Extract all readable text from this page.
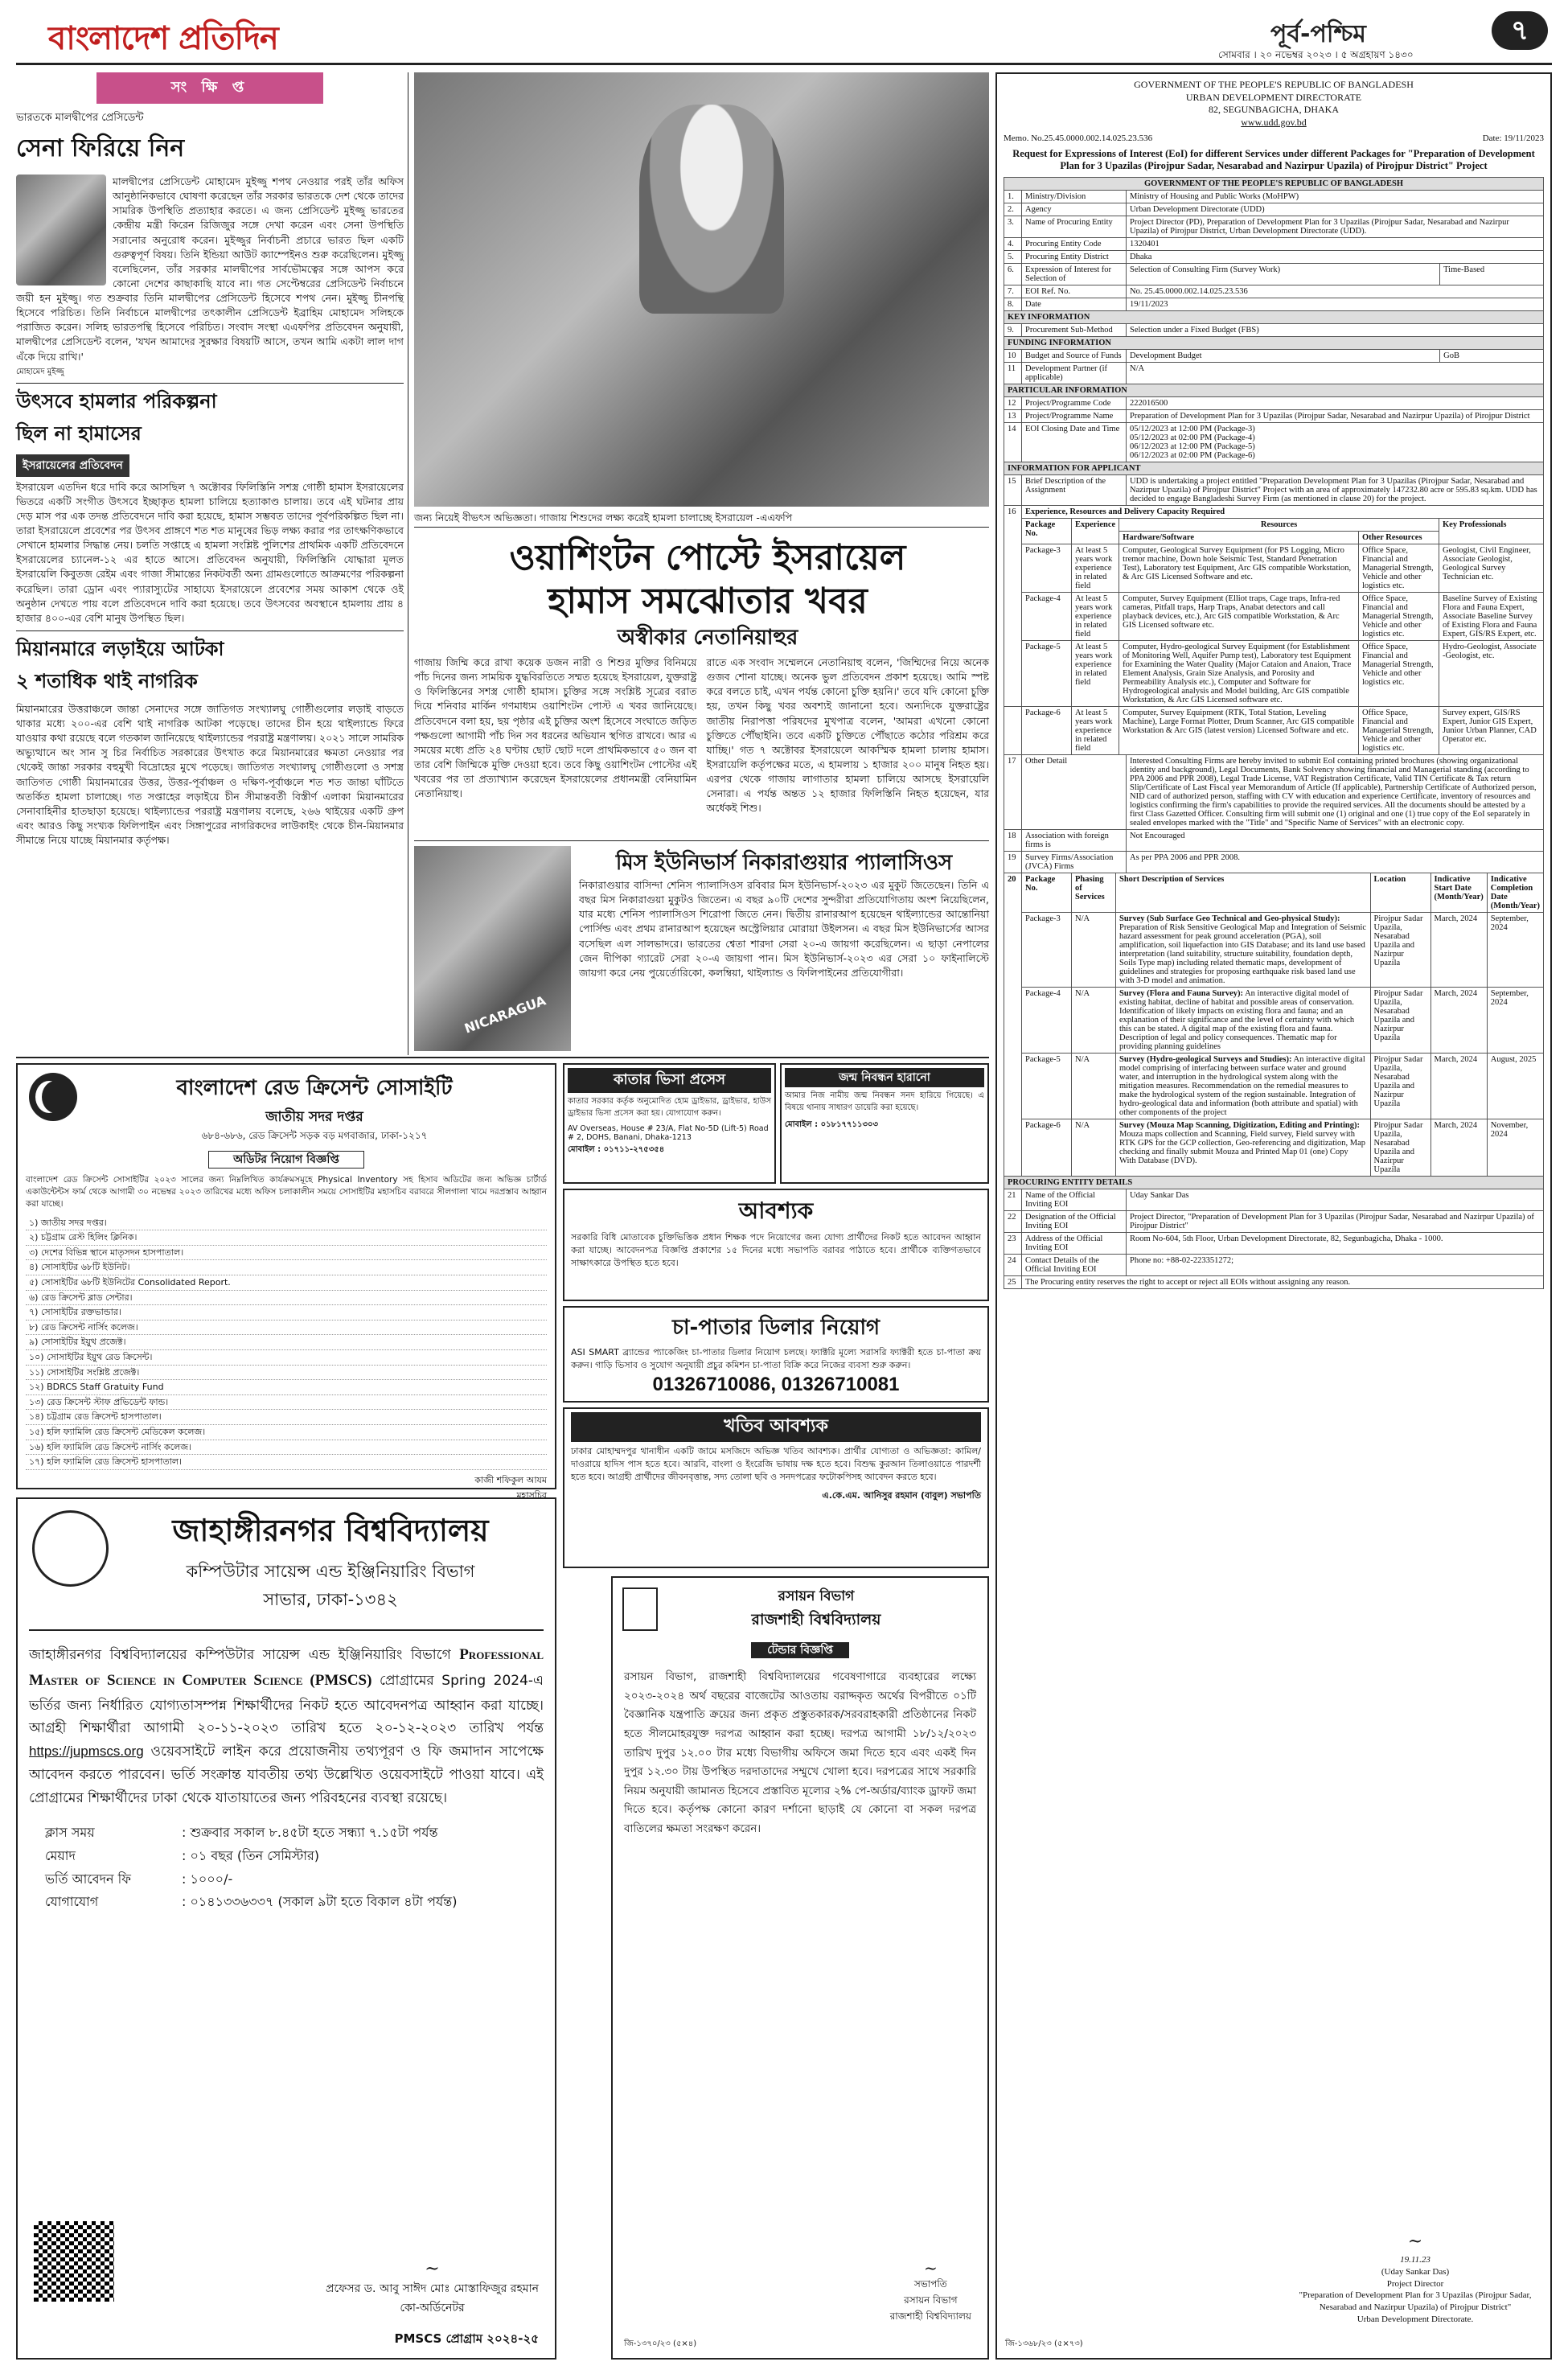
বাংলাদেশ প্রতিদিন	পূর্ব-পশ্চিম	৭
সোমবার । ২০ নভেম্বর ২০২৩ । ৫ অগ্রহায়ণ ১৪৩০
সং ক্ষি প্ত
ভারতকে মালদ্বীপের প্রেসিডেন্ট
সেনা ফিরিয়ে নিন

মালদ্বীপের প্রেসিডেন্ট মোহামেদ মুইজ্জু শপথ নেওয়ার পরই তাঁর অফিস আনুষ্ঠানিকভাবে ঘোষণা করেছেন তাঁর সরকার ভারতকে দেশ থেকে তাদের সামরিক উপস্থিতি প্রত্যাহার করতে। এ জন্য প্রেসিডেন্ট মুইজ্জু ভারতের কেন্দ্রীয় মন্ত্রী কিরেন রিজিজুর সঙ্গে দেখা করেন এবং সেনা উপস্থিতি সরানোর অনুরোধ করেন। মুইজ্জুর নির্বাচনী প্রচারে ভারত ছিল একটি গুরুত্বপূর্ণ বিষয়। তিনি ইন্ডিয়া আউট ক্যাম্পেইনও শুরু করেছিলেন। মুইজ্জু বলেছিলেন, তাঁর সরকার মালদ্বীপের সার্বভৌমত্বের সঙ্গে আপস করে কোনো দেশের কাছাকাছি যাবে না। গত সেপ্টেম্বরের প্রেসিডেন্ট নির্বাচনে জয়ী হন মুইজ্জু। গত শুক্রবার তিনি মালদ্বীপের প্রেসিডেন্ট হিসেবে শপথ নেন। মুইজ্জু চীনপন্থি হিসেবে পরিচিত। তিনি নির্বাচনে মালদ্বীপের তৎকালীন প্রেসিডেন্ট ইব্রাহিম মোহামেদ সলিহকে পরাজিত করেন। সলিহ ভারতপন্থি হিসেবে পরিচিত। সংবাদ সংস্থা এএফপির প্রতিবেদন অনুযায়ী, মালদ্বীপের প্রেসিডেন্ট বলেন, 'যখন আমাদের সুরক্ষার বিষয়টি আসে, তখন আমি একটা লাল দাগ এঁকে দিয়ে রাখি।'

মোহামেদ মুইজ্জু
উৎসবে হামলার পরিকল্পনা
ছিল না হামাসের
ইসরায়েলের প্রতিবেদন

ইসরায়েল এতদিন ধরে দাবি করে আসছিল ৭ অক্টোবর ফিলিস্তিনি সশস্ত্র গোষ্ঠী হামাস ইসরায়েলের ভিতরে একটি সংগীত উৎসবে ইচ্ছাকৃত হামলা চালিয়ে হত্যাকাণ্ড চালায়। তবে এই ঘটনার প্রায় দেড় মাস পর এক তদন্ত প্রতিবেদনে দাবি করা হয়েছে, হামাস সম্ভবত তাদের পূর্বপরিকল্পিত ছিল না। তারা ইসরায়েলে প্রবেশের পর উৎসব প্রাঙ্গণে শত শত মানুষের ভিড় লক্ষ্য করার পর তাৎক্ষণিকভাবে সেখানে হামলার সিদ্ধান্ত নেয়। চলতি সপ্তাহে এ হামলা সংশ্লিষ্ট পুলিশের প্রাথমিক একটি প্রতিবেদনে ইসরায়েলের চ্যানেল-১২ এর হাতে আসে। প্রতিবেদন অনুযায়ী, ফিলিস্তিনি যোদ্ধারা মূলত ইসরায়েলি কিবুতজ রেইম এবং গাজা সীমান্তের নিকটবর্তী অন্য গ্রামগুলোতে আক্রমণের পরিকল্পনা করেছিল। তারা ড্রোন এবং প্যারাস্যুটের সাহায্যে ইসরায়েলে প্রবেশের সময় আকাশ থেকে ওই অনুষ্ঠান দেখতে পায় বলে প্রতিবেদনে দাবি করা হয়েছে। তবে উৎসবের অবস্থানে হামলায় প্রায় ৪ হাজার ৪০০-এর বেশি মানুষ উপস্থিত ছিল।

মিয়ানমারে লড়াইয়ে আটকা
২ শতাধিক থাই নাগরিক

মিয়ানমারের উত্তরাঞ্চলে জান্তা সেনাদের সঙ্গে জাতিগত সংখ্যালঘু গোষ্ঠীগুলোর লড়াই বাড়তে থাকার মধ্যে ২০০-এর বেশি থাই নাগরিক আটকা পড়েছে। তাদের চীন হয়ে থাইল্যান্ডে ফিরে যাওয়ার কথা রয়েছে বলে গতকাল জানিয়েছে থাইল্যান্ডের পররাষ্ট্র মন্ত্রণালয়। ২০২১ সালে সামরিক অভ্যুত্থানে অং সান সু চির নির্বাচিত সরকারের উৎখাত করে মিয়ানমারের ক্ষমতা নেওয়ার পর থেকেই জান্তা সরকার বহুমুখী বিদ্রোহের মুখে পড়েছে। জাতিগত সংখ্যালঘু গোষ্ঠীগুলো ও সশস্ত্র জাতিগত গোষ্ঠী মিয়ানমারের উত্তর, উত্তর-পূর্বাঞ্চল ও দক্ষিণ-পূর্বাঞ্চলে শত শত জান্তা ঘাঁটিতে অতর্কিত হামলা চালাচ্ছে। গত সপ্তাহের লড়াইয়ে চীন সীমান্তবর্তী বিস্তীর্ণ এলাকা মিয়ানমারের সেনাবাহিনীর হাতছাড়া হয়েছে। থাইল্যান্ডের পররাষ্ট্র মন্ত্রণালয় বলেছে, ২৬৬ থাইয়ের একটি গ্রুপ এবং আরও কিছু সংখ্যক ফিলিপাইন এবং সিঙ্গাপুরের নাগরিকদের লাউকাইং থেকে চীন-মিয়ানমার সীমান্তে নিয়ে যাচ্ছে মিয়ানমার কর্তৃপক্ষ।

জন্য নিয়েই বীভৎস অভিজ্ঞতা। গাজায় শিশুদের লক্ষ্য করেই হামলা চালাচ্ছে ইসরায়েল -এএফপি
ওয়াশিংটন পোস্টে ইসরায়েল
হামাস সমঝোতার খবর
অস্বীকার নেতানিয়াহুর

গাজায় জিম্মি করে রাখা কয়েক ডজন নারী ও শিশুর মুক্তির বিনিময়ে পাঁচ দিনের জন্য সাময়িক যুদ্ধবিরতিতে সম্মত হয়েছে ইসরায়েল, যুক্তরাষ্ট্র ও ফিলিস্তিনের সশস্ত্র গোষ্ঠী হামাস। চুক্তির সঙ্গে সংশ্লিষ্ট সূত্রের বরাত দিয়ে শনিবার মার্কিন গণমাধ্যম ওয়াশিংটন পোস্ট এ খবর জানিয়েছে। প্রতিবেদনে বলা হয়, ছয় পৃষ্ঠার এই চুক্তির অংশ হিসেবে সংঘাতে জড়িত পক্ষগুলো আগামী পাঁচ দিন সব ধরনের অভিযান স্থগিত রাখবে। আর এ সময়ের মধ্যে প্রতি ২৪ ঘণ্টায় ছোট ছোট দলে প্রাথমিকভাবে ৫০ জন বা তার বেশি জিম্মিকে মুক্তি দেওয়া হবে। তবে কিছু ওয়াশিংটন পোস্টের এই খবরের পর তা প্রত্যাখ্যান করেছেন ইসরায়েলের প্রধানমন্ত্রী বেনিয়ামিন নেতানিয়াহু।

রাতে এক সংবাদ সম্মেলনে নেতানিয়াহু বলেন, 'জিম্মিদের নিয়ে অনেক গুজব শোনা যাচ্ছে। অনেক ভুল প্রতিবেদন প্রকাশ হয়েছে। আমি স্পষ্ট করে বলতে চাই, এখন পর্যন্ত কোনো চুক্তি হয়নি।' তবে যদি কোনো চুক্তি হয়, তখন কিছু খবর অবশ্যই জানানো হবে। অন্যদিকে যুক্তরাষ্ট্রের জাতীয় নিরাপত্তা পরিষদের মুখপাত্র বলেন, 'আমরা এখনো কোনো চুক্তিতে পৌঁছাইনি। তবে একটি চুক্তিতে পৌঁছাতে কঠোর পরিশ্রম করে যাচ্ছি।' গত ৭ অক্টোবর ইসরায়েলে আকস্মিক হামলা চালায় হামাস। ইসরায়েলি কর্তৃপক্ষের মতে, এ হামলায় ১ হাজার ২০০ মানুষ নিহত হয়। এরপর থেকে গাজায় লাগাতার হামলা চালিয়ে আসছে ইসরায়েলি সেনারা। এ পর্যন্ত অন্তত ১২ হাজার ফিলিস্তিনি নিহত হয়েছেন, যার অর্ধেকই শিশু।

NICARAGUA
মিস ইউনিভার্স নিকারাগুয়ার প্যালাসিওস

নিকারাগুয়ার বাসিন্দা শেনিস প্যালাসিওস রবিবার মিস ইউনিভার্স-২০২৩ এর মুকুট জিতেছেন। তিনি এ বছর মিস নিকারাগুয়া মুকুটও জিতেন। এ বছর ৯০টি দেশের সুন্দরীরা প্রতিযোগিতায় অংশ নিয়েছিলেন, যার মধ্যে শেনিস প্যালাসিওস শিরোপা জিতে নেন। দ্বিতীয় রানারআপ হয়েছেন থাইল্যান্ডের আন্তোনিয়া পোর্সিল্ড এবং প্রথম রানারআপ হয়েছেন অস্ট্রেলিয়ার মোরায়া উইলসন। এ বছর মিস ইউনিভার্সের আসর বসেছিল এল সালভাদরে। ভারতের শ্বেতা শারদা সেরা ২০-এ জায়গা করেছিলেন। এ ছাড়া নেপালের জেন দীপিকা গ্যারেট সেরা ২০-এ জায়গা পান। মিস ইউনিভার্স-২০২৩ এর সেরা ১০ ফাইনালিস্টে জায়গা করে নেয় পুয়ের্তোরিকো, কলম্বিয়া, থাইল্যান্ড ও ফিলিপাইনের প্রতিযোগীরা।

বাংলাদেশ রেড ক্রিসেন্ট সোসাইটি
জাতীয় সদর দপ্তর
৬৮৪-৬৮৬, রেড ক্রিসেন্ট সড়ক বড় মগবাজার, ঢাকা-১২১৭
অডিটর নিয়োগ বিজ্ঞপ্তি

বাংলাদেশ রেড ক্রিসেন্ট সোসাইটির ২০২৩ সালের জন্য নিম্নলিখিত কার্যক্রমসমূহে Physical Inventory সহ হিসাব অডিটের জন্য অভিজ্ঞ চার্টার্ড একাউন্টেন্টস ফার্ম থেকে আগামী ৩০ নভেম্বর ২০২৩ তারিখের মধ্যে অফিস চলাকালীন সময়ে সোসাইটির মহাসচিব বরাবরে সীলগালা খামে দরপ্রস্তাব আহ্বান করা যাচ্ছে।

১) জাতীয় সদর দপ্তর।
২) চট্টগ্রাম রেস্ট হিলিং ক্লিনিক।
৩) দেশের বিভিন্ন স্থানে মাতৃসদন হাসপাতাল।
৪) সোসাইটির ৬৮টি ইউনিট।
৫) সোসাইটির ৬৮টি ইউনিটের Consolidated Report.
৬) রেড ক্রিসেন্ট ব্লাড সেন্টার।
৭) সোসাইটির রক্তভান্ডার।
৮) রেড ক্রিসেন্ট নার্সিং কলেজ।
৯) সোসাইটির ইয়ুথ প্রজেক্ট।
১০) সোসাইটির ইয়ুথ রেড ক্রিসেন্ট।
১১) সোসাইটির সংশ্লিষ্ট প্রজেক্ট।
১২) BDRCS Staff Gratuity Fund
১৩) রেড ক্রিসেন্ট স্টাফ প্রভিডেন্ট ফান্ড।
১৪) চট্টগ্রাম রেড ক্রিসেন্ট হাসপাতাল।
১৫) হলি ফ্যামিলি রেড ক্রিসেন্ট মেডিকেল কলেজ।
১৬) হলি ফ্যামিলি রেড ক্রিসেন্ট নার্সিং কলেজ।
১৭) হলি ফ্যামিলি রেড ক্রিসেন্ট হাসপাতাল।
কাজী শফিকুল আযম
মহাসচিব
কাতার ভিসা প্রসেস

কাতার সরকার কর্তৃক অনুমোদিত হোম ড্রাইভার, ড্রাইভার, হাউস ড্রাইভার ভিসা প্রসেস করা হয়। যোগাযোগ করুন।

AV Overseas, House # 23/A, Flat No-5D (Lift-5) Road # 2, DOHS, Banani, Dhaka-1213
মোবাইল : ০১৭১১-২৭৫৩৫৪
জন্ম নিবন্ধন হারানো

আমার নিজ নামীয় জন্ম নিবন্ধন সনদ হারিয়ে গিয়েছে। এ বিষয়ে থানায় সাধারণ ডায়েরি করা হয়েছে।

মোবাইল : ০১৮১৭৭১১৩০৩
আবশ্যক

সরকারি বিধি মোতাবেক চুক্তিভিত্তিক প্রধান শিক্ষক পদে নিয়োগের জন্য যোগ্য প্রার্থীদের নিকট হতে আবেদন আহ্বান করা যাচ্ছে। আবেদনপত্র বিজ্ঞপ্তি প্রকাশের ১৫ দিনের মধ্যে সভাপতি বরাবর পাঠাতে হবে। প্রার্থীকে ব্যক্তিগতভাবে সাক্ষাৎকারে উপস্থিত হতে হবে।

চা-পাতার ডিলার নিয়োগ

ASI SMART ব্র্যান্ডের প্যাকেজিং চা-পাতার ডিলার নিয়োগ চলছে। ফ্যাক্টরি মূল্যে সরাসরি ফ্যাক্টরী হতে চা-পাতা ক্রয় করুন। গাড়ি ভিসাব ও সুযোগ অনুযায়ী প্রচুর কমিশন চা-পাতা বিক্রি করে নিজের ব্যবসা শুরু করুন।

01326710086, 01326710081
খতিব আবশ্যক

ঢাকার মোহাম্মদপুর থানাধীন একটি জামে মসজিদে অভিজ্ঞ খতিব আবশ্যক। প্রার্থীর যোগ্যতা ও অভিজ্ঞতা: কামিল/দাওরায়ে হাদিস পাস হতে হবে। আরবি, বাংলা ও ইংরেজি ভাষায় দক্ষ হতে হবে। বিশুদ্ধ কুরআন তিলাওয়াতে পারদর্শী হতে হবে। আগ্রহী প্রার্থীদের জীবনবৃত্তান্ত, সদ্য তোলা ছবি ও সনদপত্রের ফটোকপিসহ আবেদন করতে হবে।

এ.কে.এম. আনিসুর রহমান (বাবুল) সভাপতি
জাহাঙ্গীরনগর বিশ্ববিদ্যালয়
কম্পিউটার সায়েন্স এন্ড ইঞ্জিনিয়ারিং বিভাগ
সাভার, ঢাকা-১৩৪২

জাহাঙ্গীরনগর বিশ্ববিদ্যালয়ের কম্পিউটার সায়েন্স এন্ড ইঞ্জিনিয়ারিং বিভাগে Professional Master of Science in Computer Science (PMSCS) প্রোগ্রামের Spring 2024-এ ভর্তির জন্য নির্ধারিত যোগ্যতাসম্পন্ন শিক্ষার্থীদের নিকট হতে আবেদনপত্র আহ্বান করা যাচ্ছে। আগ্রহী শিক্ষার্থীরা আগামী ২০-১১-২০২৩ তারিখ হতে ২০-১২-২০২৩ তারিখ পর্যন্ত https://jupmscs.org ওয়েবসাইটে লাইন করে প্রয়োজনীয় তথ্যপূরণ ও ফি জমাদান সাপেক্ষে আবেদন করতে পারবেন। ভর্তি সংক্রান্ত যাবতীয় তথ্য উল্লেখিত ওয়েবসাইটে পাওয়া যাবে। এই প্রোগ্রামের শিক্ষার্থীদের ঢাকা থেকে যাতায়াতের জন্য পরিবহনের ব্যবস্থা রয়েছে।

ক্লাস সময়	: শুক্রবার সকাল ৮.৪৫টা হতে সন্ধ্যা ৭.১৫টা পর্যন্ত
মেয়াদ	: ০১ বছর (তিন সেমিস্টার)
ভর্তি আবেদন ফি	: ১০০০/-
যোগাযোগ	: ০১৪১৩৩৬৩৩৭ (সকাল ৯টা হতে বিকাল ৪টা পর্যন্ত)
~
প্রফেসর ড. আবু সাঈদ মোঃ মোস্তাফিজুর রহমান
কো-অর্ডিনেটর
PMSCS প্রোগ্রাম ২০২৪-২৫
রসায়ন বিভাগ
রাজশাহী বিশ্ববিদ্যালয়
টেন্ডার বিজ্ঞপ্তি

রসায়ন বিভাগ, রাজশাহী বিশ্ববিদ্যালয়ের গবেষণাগারে ব্যবহারের লক্ষ্যে ২০২৩-২০২৪ অর্থ বছরের বাজেটের আওতায় বরাদ্দকৃত অর্থের বিপরীতে ০১টি বৈজ্ঞানিক যন্ত্রপাতি ক্রয়ের জন্য প্রকৃত প্রস্তুতকারক/সরবরাহকারী প্রতিষ্ঠানের নিকট হতে সীলমোহরযুক্ত দরপত্র আহ্বান করা হচ্ছে। দরপত্র আগামী ১৮/১২/২০২৩ তারিখ দুপুর ১২.০০ টার মধ্যে বিভাগীয় অফিসে জমা দিতে হবে এবং একই দিন দুপুর ১২.৩০ টায় উপস্থিত দরদাতাদের সম্মুখে খোলা হবে। দরপত্রের সাথে সরকারি নিয়ম অনুযায়ী জামানত হিসেবে প্রস্তাবিত মূল্যের ২% পে-অর্ডার/ব্যাংক ড্রাফট জমা দিতে হবে। কর্তৃপক্ষ কোনো কারণ দর্শানো ছাড়াই যে কোনো বা সকল দরপত্র বাতিলের ক্ষমতা সংরক্ষণ করেন।

~
সভাপতি
রসায়ন বিভাগ
রাজশাহী বিশ্ববিদ্যালয়
জি-১৩৭০/২৩ (৫×৪)
GOVERNMENT OF THE PEOPLE'S REPUBLIC OF BANGLADESH
URBAN DEVELOPMENT DIRECTORATE
82, SEGUNBAGICHA, DHAKA
www.udd.gov.bd
Memo. No.25.45.0000.002.14.025.23.536	Date: 19/11/2023
Request for Expressions of Interest (EoI) for different Services under different Packages for "Preparation of Development Plan for 3 Upazilas (Pirojpur Sadar, Nesarabad and Nazirpur Upazila) of Pirojpur District" Project
GOVERNMENT OF THE PEOPLE'S REPUBLIC OF BANGLADESH			
1.	Ministry/Division	Ministry of Housing and Public Works (MoHPW)	
2.	Agency	Urban Development Directorate (UDD)	
3.	Name of Procuring Entity	Project Director (PD), Preparation of Development Plan for 3 Upazilas (Pirojpur Sadar, Nesarabad and Nazirpur Upazila) of Pirojpur District, Urban Development Directorate (UDD).	
4.	Procuring Entity Code	1320401	
5.	Procuring Entity District	Dhaka	
6.	Expression of Interest for Selection of	Selection of Consulting Firm (Survey Work)	Time-Based
7.	EOI Ref. No.	No. 25.45.0000.002.14.025.23.536	
8.	Date	19/11/2023	
KEY INFORMATION			
9.	Procurement Sub-Method	Selection under a Fixed Budget (FBS)	
FUNDING INFORMATION			
10	Budget and Source of Funds	Development Budget	GoB
11	Development Partner (if applicable)	N/A	
PARTICULAR INFORMATION			
12	Project/Programme Code	222016500	
13	Project/Programme Name	Preparation of Development Plan for 3 Upazilas (Pirojpur Sadar, Nesarabad and Nazirpur Upazila) of Pirojpur District	
14	EOI Closing Date and Time	05/12/2023 at 12:00 PM (Package-3)
05/12/2023 at 02:00 PM (Package-4)
06/12/2023 at 12:00 PM (Package-5)
06/12/2023 at 02:00 PM (Package-6)	

INFORMATION FOR APPLICANT			
15	Brief Description of the Assignment	UDD is undertaking a project entitled "Preparation Development Plan for 3 Upazilas (Pirojpur Sadar, Nesarabad and Nazirpur Upazila) of Pirojpur District" Project with an area of approximately 147232.80 acre or 595.83 sq.km. UDD has decided to engage Bangladeshi Survey Firm (as mentioned in clause 20) for the project.	
16	Experience, Resources and Delivery Capacity Required				
	Package No.	Experience	Resources		Key Professionals
			Hardware/Software	Other Resources	
	Package-3	At least 5 years work experience in related field	Computer, Geological Survey Equipment (for PS Logging, Micro tremor machine, Down hole Seismic Test, Standard Penetration Test), Laboratory test Equipment, Arc GIS compatible Workstation, & Arc GIS Licensed Software and etc.	Office Space, Financial and Managerial Strength, Vehicle and other logistics etc.	Geologist, Civil Engineer, Associate Geologist, Geological Survey Technician etc.
	Package-4	At least 5 years work experience in related field	Computer, Survey Equipment (Elliot traps, Cage traps, Infra-red cameras, Pitfall traps, Harp Traps, Anabat detectors and call playback devices, etc.), Arc GIS compatible Workstation, & Arc GIS Licensed software etc.	Office Space, Financial and Managerial Strength, Vehicle and other logistics etc.	Baseline Survey of Existing Flora and Fauna Expert, Associate Baseline Survey of Existing Flora and Fauna Expert, GIS/RS Expert, etc.
	Package-5	At least 5 years work experience in related field	Computer, Hydro-geological Survey Equipment (for Establishment of Monitoring Well, Aquifer Pump test), Laboratory test Equipment for Examining the Water Quality (Major Cataion and Anaion, Trace Element Analysis, Grain Size Analysis, and Porosity and Permeability Analysis etc.), Computer and Software for Hydrogeological analysis and Model building, Arc GIS compatible Workstation, & Arc GIS Licensed software etc.	Office Space, Financial and Managerial Strength, Vehicle and other logistics etc.	Hydro-Geologist, Associate -Geologist, etc.
	Package-6	At least 5 years work experience in related field	Computer, Survey Equipment (RTK, Total Station, Leveling Machine), Large Format Plotter, Drum Scanner, Arc GIS compatible Workstation & Arc GIS (latest version) Licensed Software and etc.	Office Space, Financial and Managerial Strength, Vehicle and other logistics etc.	Survey expert, GIS/RS Expert, Junior GIS Expert, Junior Urban Planner, CAD Operator etc.
17	Other Detail	Interested Consulting Firms are hereby invited to submit EoI containing printed brochures (showing organizational identity and background), Legal Documents, Bank Solvency showing financial and Managerial standing (according to PPA 2006 and PPR 2008), Legal Trade License, VAT Registration Certificate, Valid TIN Certificate & Tax return Slip/Certificate of Last Fiscal year Memorandum of Article (If applicable), Partnership Certificate of Authorized person, NID card of authorized person, staffing with CV with education and experience Certificate, inventory of resources and logistics confirming the firm's capabilities to provide the required services. All the documents should be attested by a first Class Gazetted Officer. Consulting firm will submit one (1) original and one (1) true copy of the EoI separately in sealed envelopes marked with the "Title" and "Specific Name of Services" with an electronic copy.
18	Association with foreign firms is	Not Encouraged
19	Survey Firms/Association (JVCA) Firms	As per PPA 2006 and PPR 2008.
20	Package No.	Phasing of Services	Short Description of Services	Location	Indicative Start Date (Month/Year)	Indicative Completion Date (Month/Year)
	Package-3	N/A	Survey (Sub Surface Geo Technical and Geo-physical Study): Preparation of Risk Sensitive Geological Map and Integration of Seismic hazard assessment for peak ground acceleration (PGA), soil amplification, soil liquefaction into GIS Database; and its land use based interpretation (land suitability, structure suitability, foundation depth, Soils Type map) including related thematic maps, development of guidelines and strategies for proposing earthquake risk based land use with 3-D model and animation.	Pirojpur Sadar Upazila, Nesarabad Upazila and Nazirpur Upazila	March, 2024	September, 2024
	Package-4	N/A	Survey (Flora and Fauna Survey): An interactive digital model of existing habitat, decline of habitat and possible areas of conservation. Identification of likely impacts on existing flora and fauna; and an explanation of their significance and the level of certainty with which this can be stated. A digital map of the existing flora and fauna. Description of legal and policy consequences. Thematic map for providing planning guidelines	Pirojpur Sadar Upazila, Nesarabad Upazila and Nazirpur Upazila	March, 2024	September, 2024
	Package-5	N/A	Survey (Hydro-geological Surveys and Studies): An interactive digital model comprising of interfacing between surface water and ground water, and interruption in the hydrological system along with the mitigation measures. Recommendation on the remedial measures to make the hydrological system of the region sustainable. Integration of hydro-geological data and information (both attribute and spatial) with other components of the project	Pirojpur Sadar Upazila, Nesarabad Upazila and Nazirpur Upazila	March, 2024	August, 2025
	Package-6	N/A	Survey (Mouza Map Scanning, Digitization, Editing and Printing): Mouza maps collection and Scanning, Field survey, Field survey with RTK GPS for the GCP collection, Geo-referencing and digitization, Map checking and finally submit Mouza and Printed Map 01 (one) Copy With Database (DVD).	Pirojpur Sadar Upazila, Nesarabad Upazila and Nazirpur Upazila	March, 2024	November, 2024
PROCURING ENTITY DETAILS		
21	Name of the Official Inviting EOI	Uday Sankar Das
22	Designation of the Official Inviting EOI	Project Director, "Preparation of Development Plan for 3 Upazilas (Pirojpur Sadar, Nesarabad and Nazirpur Upazila) of Pirojpur District"
23	Address of the Official Inviting EOI	Room No-604, 5th Floor, Urban Development Directorate, 82, Segunbagicha, Dhaka - 1000.
24	Contact Details of the Official Inviting EOI	Phone no: +88-02-223351272;
25	The Procuring entity reserves the right to accept or reject all EOIs without assigning any reason.	
~
19.11.23
(Uday Sankar Das)
Project Director
"Preparation of Development Plan for 3 Upazilas (Pirojpur Sadar, Nesarabad and Nazirpur Upazila) of Pirojpur District"
Urban Development Directorate.
জি-১৩৬৮/২৩ (৫×৭৩)
